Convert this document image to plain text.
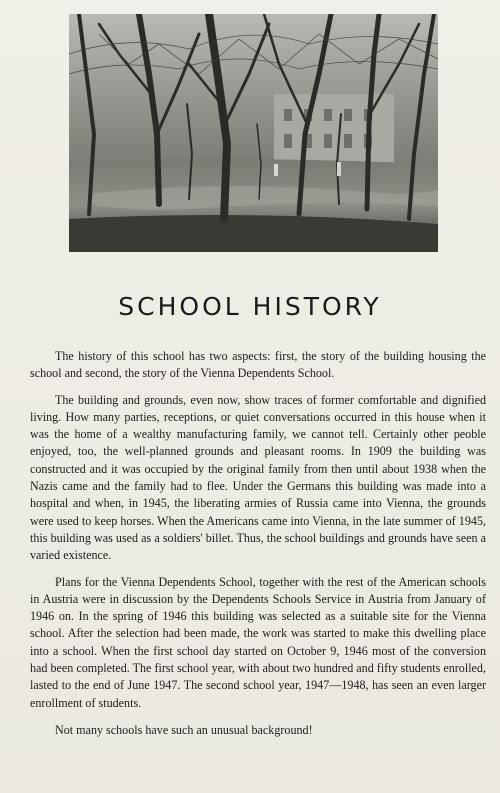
SCHOOL HISTORY

The history of this school has two aspects: first, the story of the building housing the school and second, the story of the Vienna Dependents School.

The building and grounds, even now, show traces of former comfortable and dignified living. How many parties, receptions, or quiet conversations occurred in this house when it was the home of a wealthy manufacturing family, we cannot tell. Certainly other peoble enjoyed, too, the well-planned grounds and pleasant rooms. In 1909 the building was constructed and it was occupied by the original family from then until about 1938 when the Nazis came and the family had to flee. Under the Germans this building was made into a hospital and when, in 1945, the liberating armies of Russia came into Vienna, the grounds were used to keep horses. When the Americans came into Vienna, in the late summer of 1945, this building was used as a soldiers' billet. Thus, the school buildings and grounds have seen a varied existence.

Plans for the Vienna Dependents School, together with the rest of the American schools in Austria were in discussion by the Dependents Schools Service in Austria from January of 1946 on. In the spring of 1946 this building was selected as a suitable site for the Vienna school. After the selection had been made, the work was started to make this dwelling place into a school. When the first school day started on October 9, 1946 most of the conversion had been completed. The first school year, with about two hundred and fifty students enrolled, lasted to the end of June 1947. The second school year, 1947—1948, has seen an even larger enrollment of students.

Not many schools have such an unusual background!
